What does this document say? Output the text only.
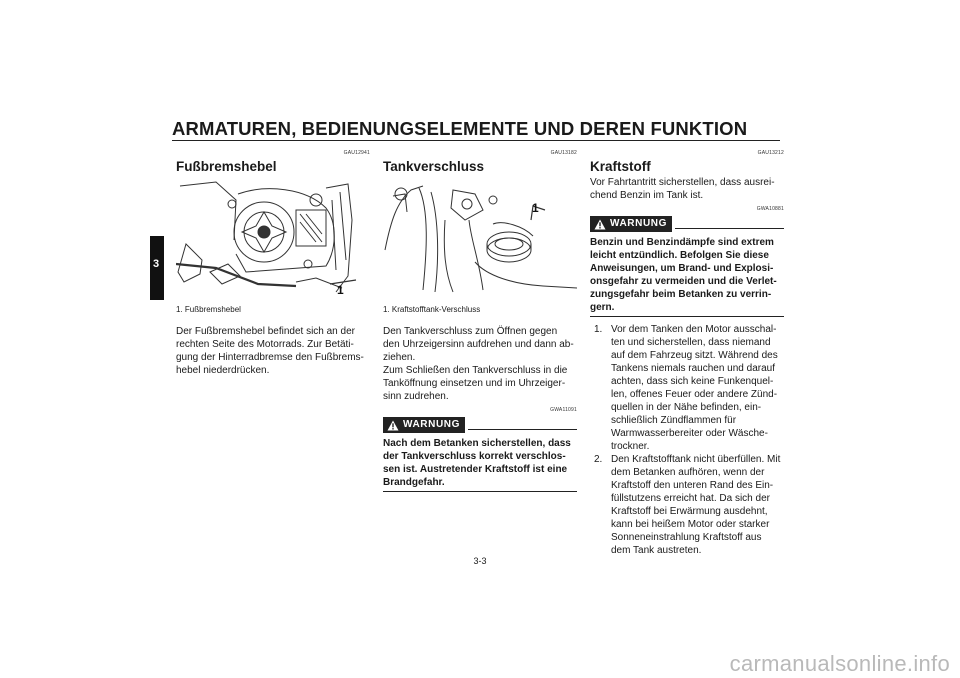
ARMATUREN, BEDIENUNGSELEMENTE UND DEREN FUNKTION
3
GAU12941
Fußbremshebel
1
1. Fußbremshebel
Der Fußbremshebel befindet sich an der
rechten Seite des Motorrads. Zur Betäti-
gung der Hinterradbremse den Fußbrems-
hebel niederdrücken.
GAU13182
Tankverschluss
1
1. Kraftstofftank-Verschluss
Den Tankverschluss zum Öffnen gegen
den Uhrzeigersinn aufdrehen und dann ab-
ziehen.
Zum Schließen den Tankverschluss in die
Tanköffnung einsetzen und im Uhrzeiger-
sinn zudrehen.
GWA11091
WARNUNG
Nach dem Betanken sicherstellen, dass
der Tankverschluss korrekt verschlos-
sen ist. Austretender Kraftstoff ist eine
Brandgefahr.
GAU13212
Kraftstoff
Vor Fahrtantritt sicherstellen, dass ausrei-
chend Benzin im Tank ist.
GWA10881
WARNUNG
Benzin und Benzindämpfe sind extrem
leicht entzündlich. Befolgen Sie diese
Anweisungen, um Brand- und Explosi-
onsgefahr zu vermeiden und die Verlet-
zungsgefahr beim Betanken zu verrin-
gern.
1. Vor dem Tanken den Motor ausschal-
ten und sicherstellen, dass niemand
auf dem Fahrzeug sitzt. Während des
Tankens niemals rauchen und darauf
achten, dass sich keine Funkenquel-
len, offenes Feuer oder andere Zünd-
quellen in der Nähe befinden, ein-
schließlich Zündflammen für
Warmwasserbereiter oder Wäsche-
trockner.
2. Den Kraftstofftank nicht überfüllen. Mit
dem Betanken aufhören, wenn der
Kraftstoff den unteren Rand des Ein-
füllstutzens erreicht hat. Da sich der
Kraftstoff bei Erwärmung ausdehnt,
kann bei heißem Motor oder starker
Sonneneinstrahlung Kraftstoff aus
dem Tank austreten.
3-3
carmanualsonline.info
